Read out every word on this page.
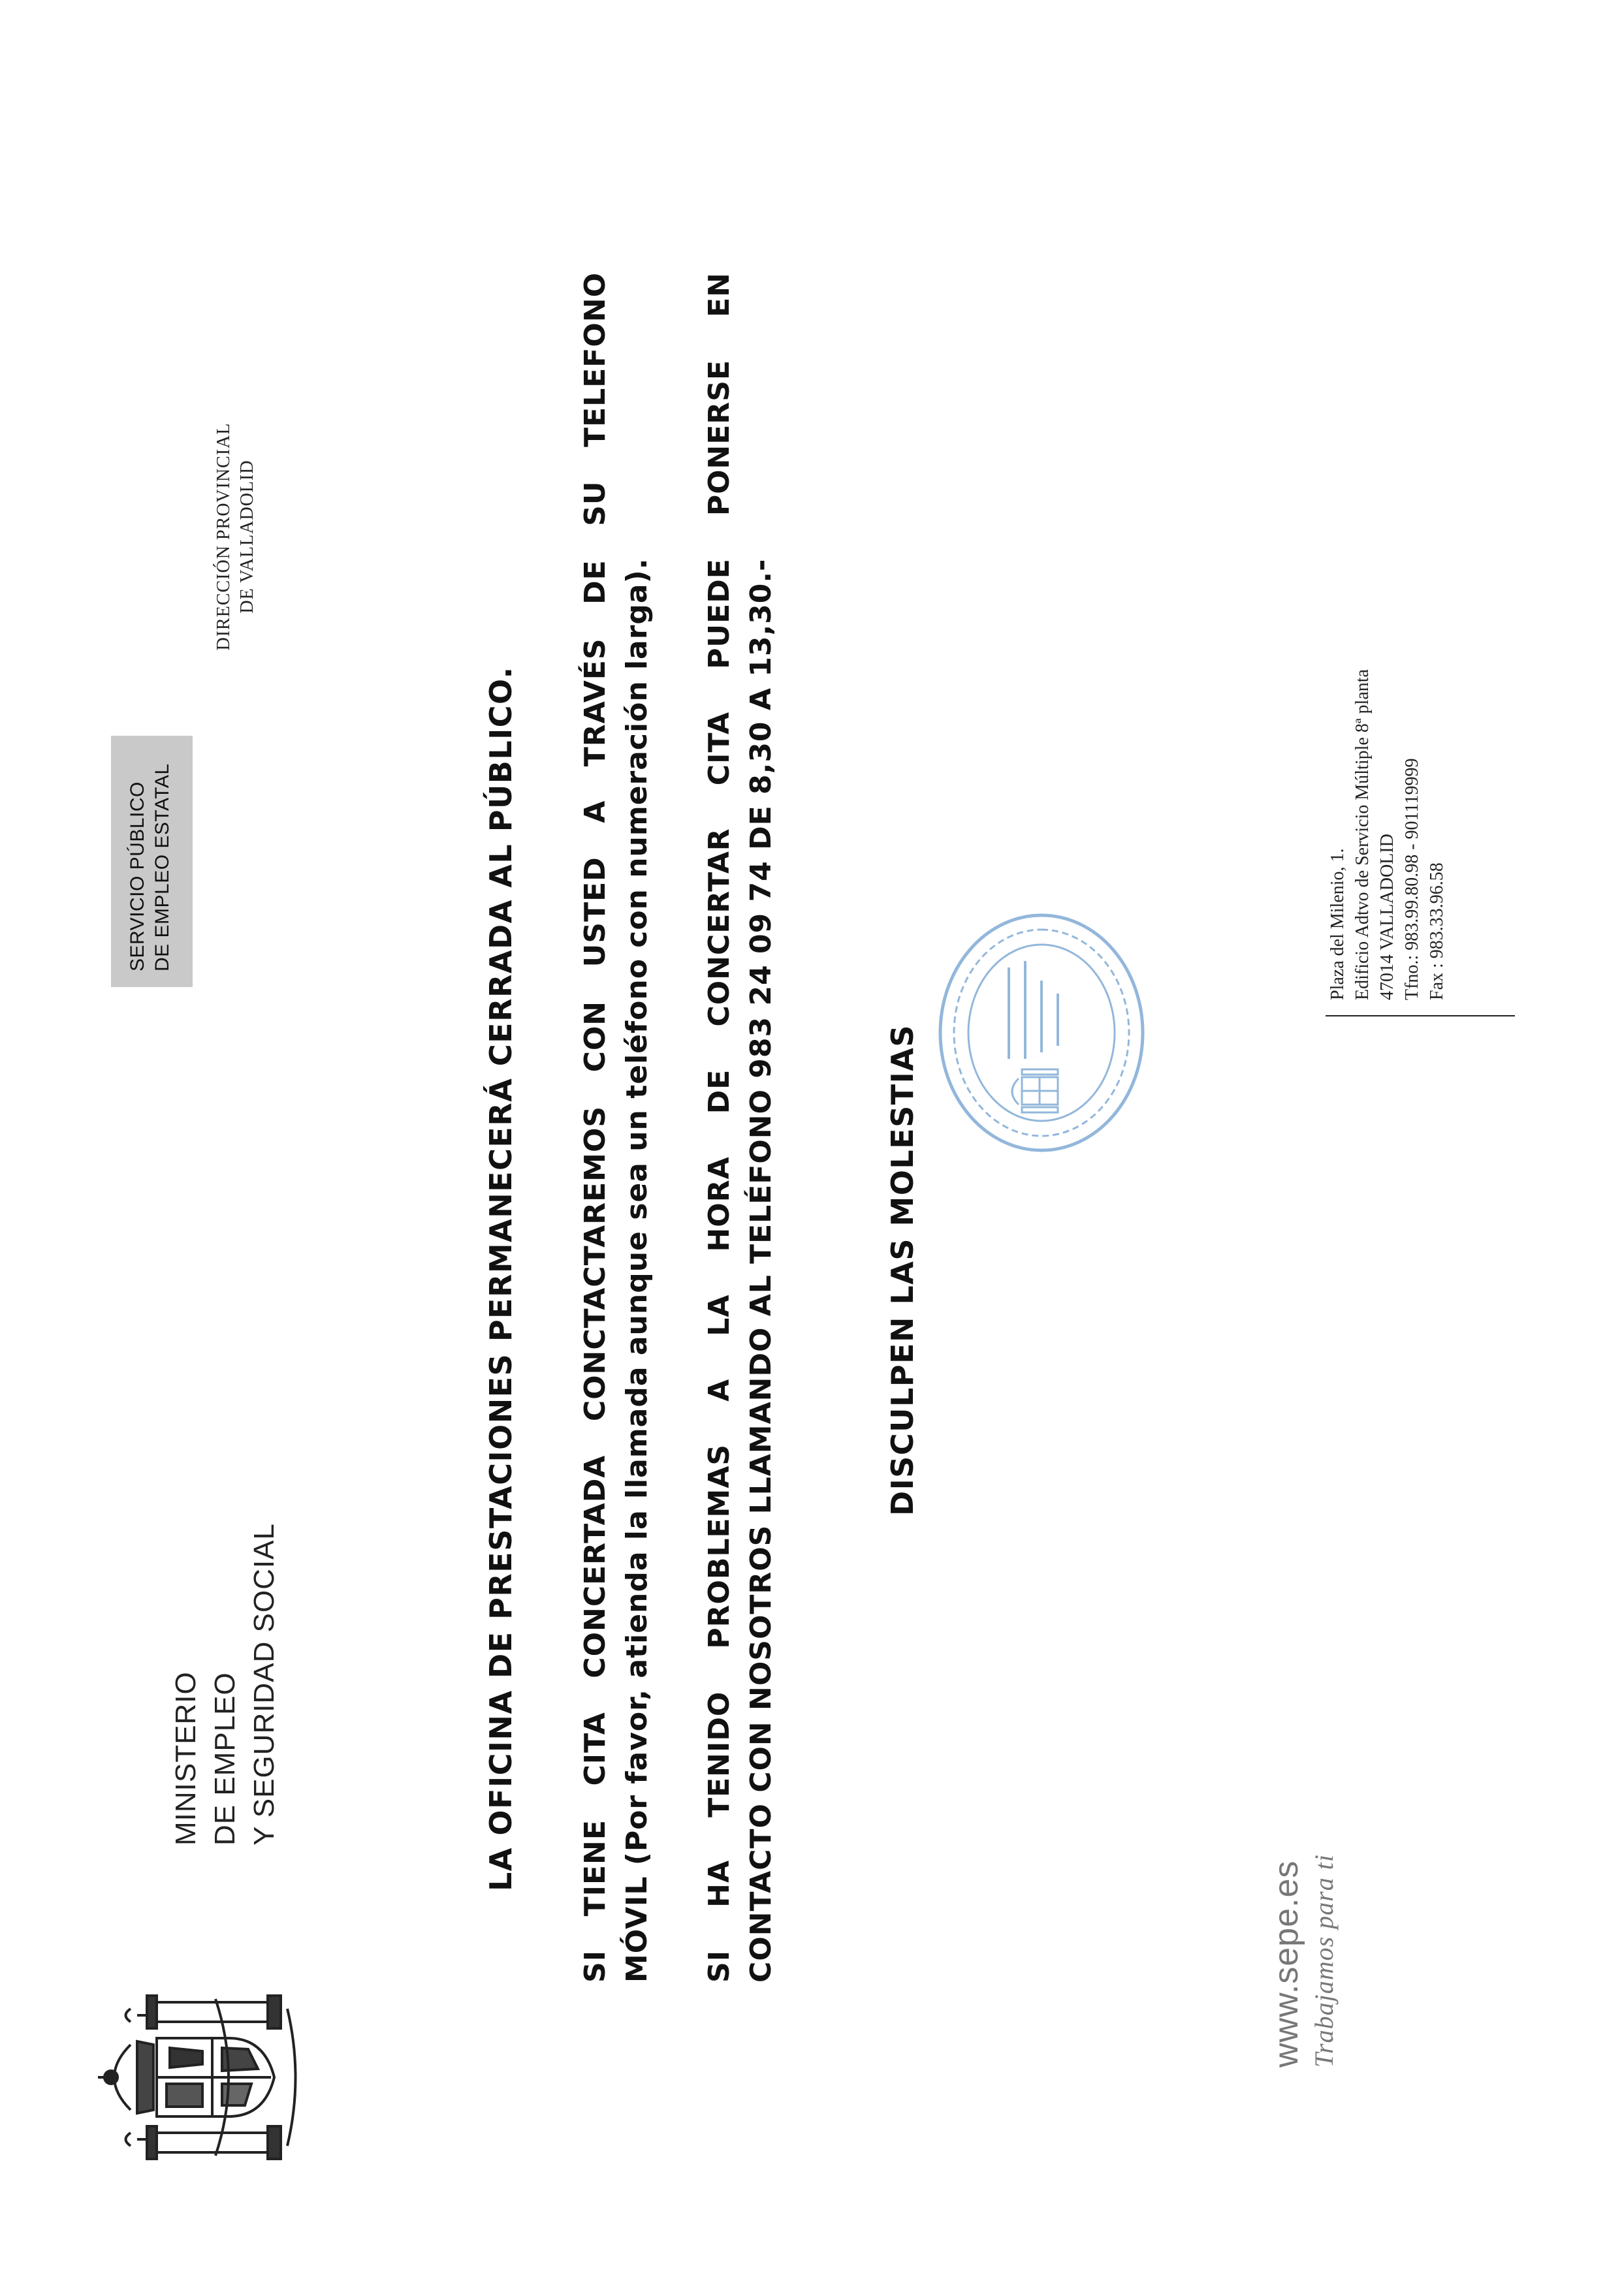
MINISTERIO DE EMPLEO Y SEGURIDAD SOCIAL
SERVICIO PÚBLICO DE EMPLEO ESTATAL
DIRECCIÓN PROVINCIAL DE VALLADOLID
LA OFICINA DE PRESTACIONES PERMANECERÁ CERRADA AL PÚBLICO. SI TIENE CITA CONCERTADA CONCTACTAREMOS CON USTED A TRAVÉS DE SU TELEFONO MÓVIL (Por favor, atienda la llamada aunque sea un teléfono con numeración larga). SI HA TENIDO PROBLEMAS A LA HORA DE CONCERTAR CITA PUEDE PONERSE EN CONTACTO CON NOSOTROS LLAMANDO AL TELÉFONO 983 24 09 74 DE 8,30 A 13,30.-	DISCULPEN LAS MOLESTIAS
www.sepe.es Trabajamos para ti
Plaza del Milenio, 1. Edificio Adtvo de Servicio Múltiple 8ª planta 47014 VALLADOLID Tfno.: 983.99.80.98 - 901119999 Fax : 983.33.96.58
